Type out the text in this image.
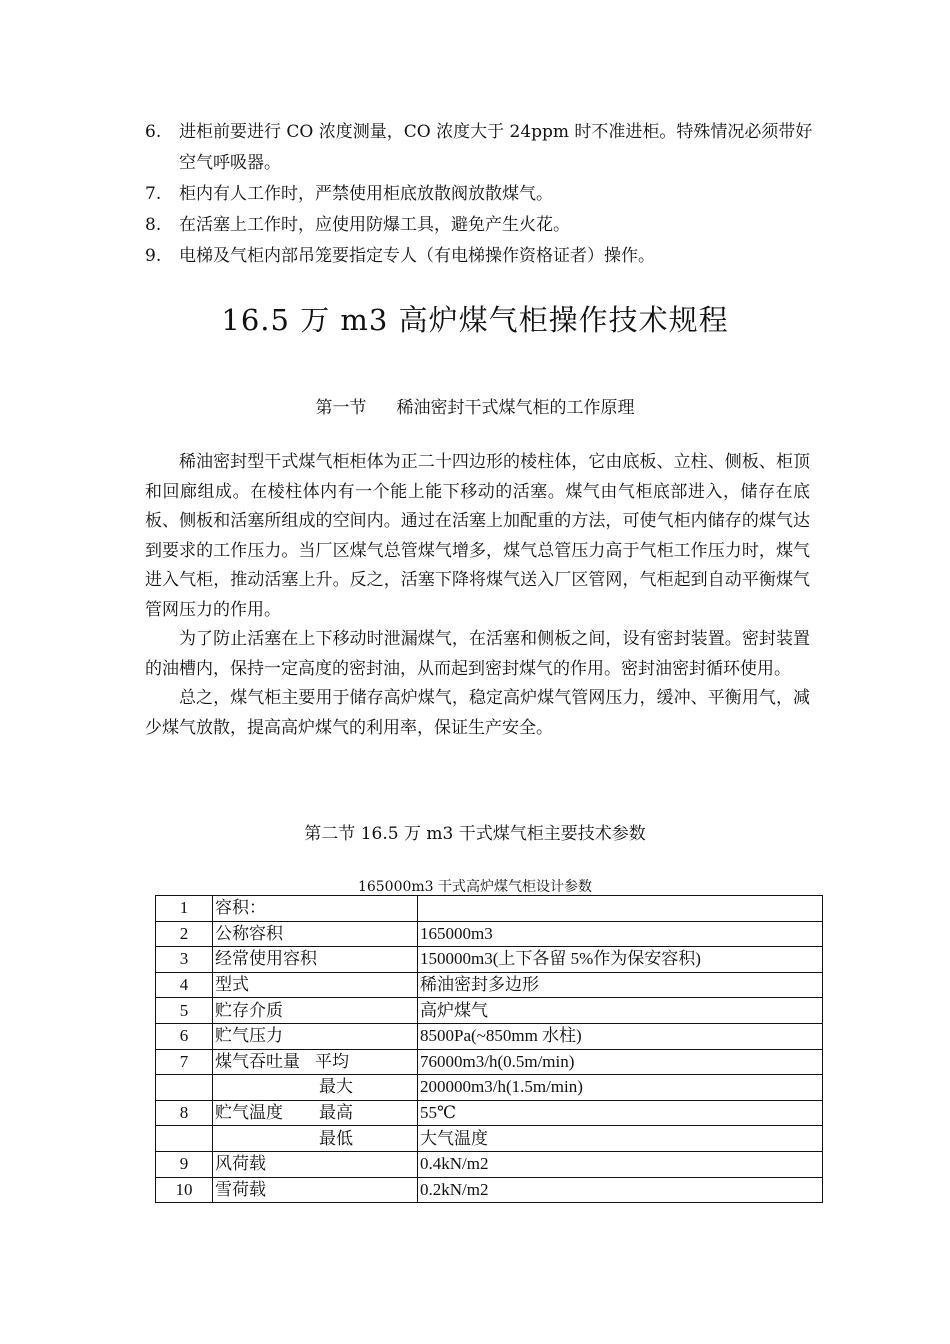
6. 进柜前要进行 CO 浓度测量，CO 浓度大于 24ppm 时不准进柜。特殊情况必须带好空气呼吸器。
7. 柜内有人工作时，严禁使用柜底放散阀放散煤气。
8. 在活塞上工作时，应使用防爆工具，避免产生火花。
9. 电梯及气柜内部吊笼要指定专人（有电梯操作资格证者）操作。
16.5 万 m3 高炉煤气柜操作技术规程
第一节 稀油密封干式煤气柜的工作原理

稀油密封型干式煤气柜柜体为正二十四边形的棱柱体，它由底板、立柱、侧板、柜顶和回廊组成。在棱柱体内有一个能上能下移动的活塞。煤气由气柜底部进入，储存在底板、侧板和活塞所组成的空间内。通过在活塞上加配重的方法，可使气柜内储存的煤气达到要求的工作压力。当厂区煤气总管煤气增多，煤气总管压力高于气柜工作压力时，煤气进入气柜，推动活塞上升。反之，活塞下降将煤气送入厂区管网，气柜起到自动平衡煤气管网压力的作用。

为了防止活塞在上下移动时泄漏煤气，在活塞和侧板之间，设有密封装置。密封装置的油槽内，保持一定高度的密封油，从而起到密封煤气的作用。密封油密封循环使用。

总之，煤气柜主要用于储存高炉煤气，稳定高炉煤气管网压力，缓冲、平衡用气，减少煤气放散，提高高炉煤气的利用率，保证生产安全。

第二节 16.5 万 m3 干式煤气柜主要技术参数
165000m3 干式高炉煤气柜设计参数
1	容积：	
2	公称容积	165000m3
3	经常使用容积	150000m3(上下各留 5%作为保安容积)
4	型式	稀油密封多边形
5	贮存介质	高炉煤气
6	贮气压力	8500Pa(~850mm 水柱)
7	煤气吞吐量 平均	76000m3/h(0.5m/min)
	最大	200000m3/h(1.5m/min)
8	贮气温度 最高	55℃
	最低	大气温度
9	风荷载	0.4kN/m2
10	雪荷载	0.2kN/m2
